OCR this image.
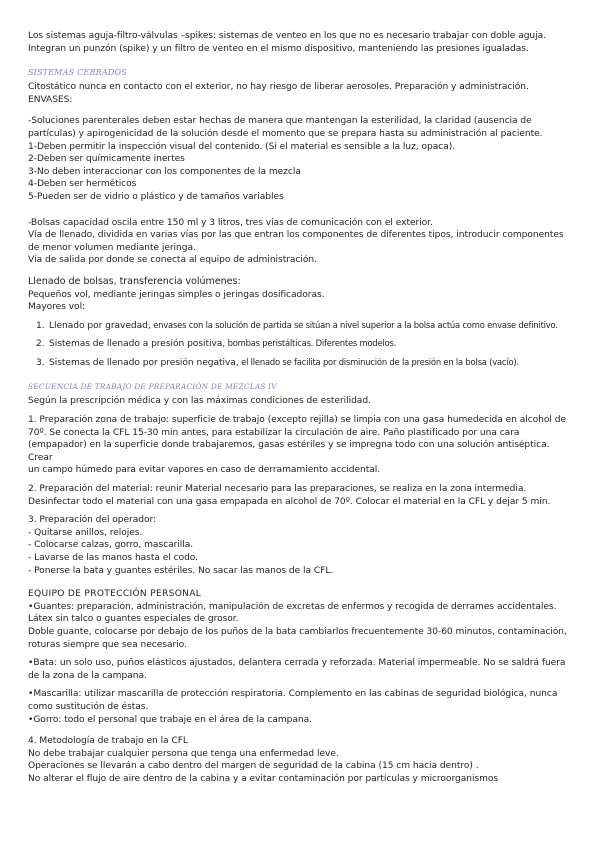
Los sistemas aguja-filtro-válvulas –spikes: sistemas de venteo en los que no es necesario trabajar con doble aguja.

Integran un punzón (spike) y un filtro de venteo en el mismo dispositivo, manteniendo las presiones igualadas.

SISTEMAS CERRADOS

Citostático nunca en contacto con el exterior, no hay riesgo de liberar aerosoles. Preparación y administración. ENVASES:

-Soluciones parenterales deben estar hechas de manera que mantengan la esterilidad, la claridad (ausencia de

partículas) y apirogenicidad de la solución desde el momento que se prepara hasta su administración al paciente.

1-Deben permitir la inspección visual del contenido. (Si el material es sensible a la luz, opaca).

2-Deben ser químicamente inertes

3-No deben interaccionar con los componentes de la mezcla

4-Deben ser herméticos

5-Pueden ser de vidrio o plástico y de tamaños variables

-Bolsas capacidad oscila entre 150 ml y 3 litros, tres vías de comunicación con el exterior.

Vía de llenado, dividida en varias vías por las que entran los componentes de diferentes tipos, introducir componentes

de menor volumen mediante jeringa.

Vía de salida por donde se conecta al equipo de administración.

Llenado de bolsas, transferencia volúmenes:

Pequeños vol, mediante jeringas simples o jeringas dosificadoras.

Mayores vol:

1. Llenado por gravedad, envases con la solución de partida se sitúan a nivel superior a la bolsa actúa como envase definitivo.

2. Sistemas de llenado a presión positiva, bombas peristálticas. Diferentes modelos.

3. Sistemas de llenado por presión negativa, el llenado se facilita por disminución de la presión en la bolsa (vacío).

SECUENCIA DE TRABAJO DE PREPARACIÓN DE MEZCLAS IV

Según la prescripción médica y con las máximas condiciones de esterilidad.

1. Preparación zona de trabajo: superficie de trabajo (excepto rejilla) se limpia con una gasa humedecida en alcohol de

70º. Se conecta la CFL 15-30 min antes, para estabilizar la circulación de aire. Paño plastificado por una cara

(empapador) en la superficie donde trabajaremos, gasas estériles y se impregna todo con una solución antiséptica. Crear

un campo húmedo para evitar vapores en caso de derramamiento accidental.

2. Preparación del material: reunir Material necesario para las preparaciones, se realiza en la zona intermedia.

Desinfectar todo el material con una gasa empapada en alcohol de 70º. Colocar el material en la CFL y dejar 5 min.

3. Preparación del operador:

- Quitarse anillos, relojes.

- Colocarse calzas, gorro, mascarilla.

- Lavarse de las manos hasta el codo.

- Ponerse la bata y guantes estériles. No sacar las manos de la CFL.

EQUIPO DE PROTECCIÓN PERSONAL

•Guantes: preparación, administración, manipulación de excretas de enfermos y recogida de derrames accidentales.

Látex sin talco o guantes especiales de grosor.

Doble guante, colocarse por debajo de los puños de la bata cambiarlos frecuentemente 30-60 minutos, contaminación,

roturas siempre que sea necesario.

•Bata: un solo uso, puños elásticos ajustados, delantera cerrada y reforzada. Material impermeable. No se saldrá fuera

de la zona de la campana.

•Mascarilla: utilizar mascarilla de protección respiratoria. Complemento en las cabinas de seguridad biológica, nunca

como sustitución de éstas.

•Gorro: todo el personal que trabaje en el área de la campana.

4. Metodología de trabajo en la CFL

No debe trabajar cualquier persona que tenga una enfermedad leve.

Operaciones se llevarán a cabo dentro del margen de seguridad de la cabina (15 cm hacia dentro) .

No alterar el flujo de aire dentro de la cabina y a evitar contaminación por partículas y microorganismos
